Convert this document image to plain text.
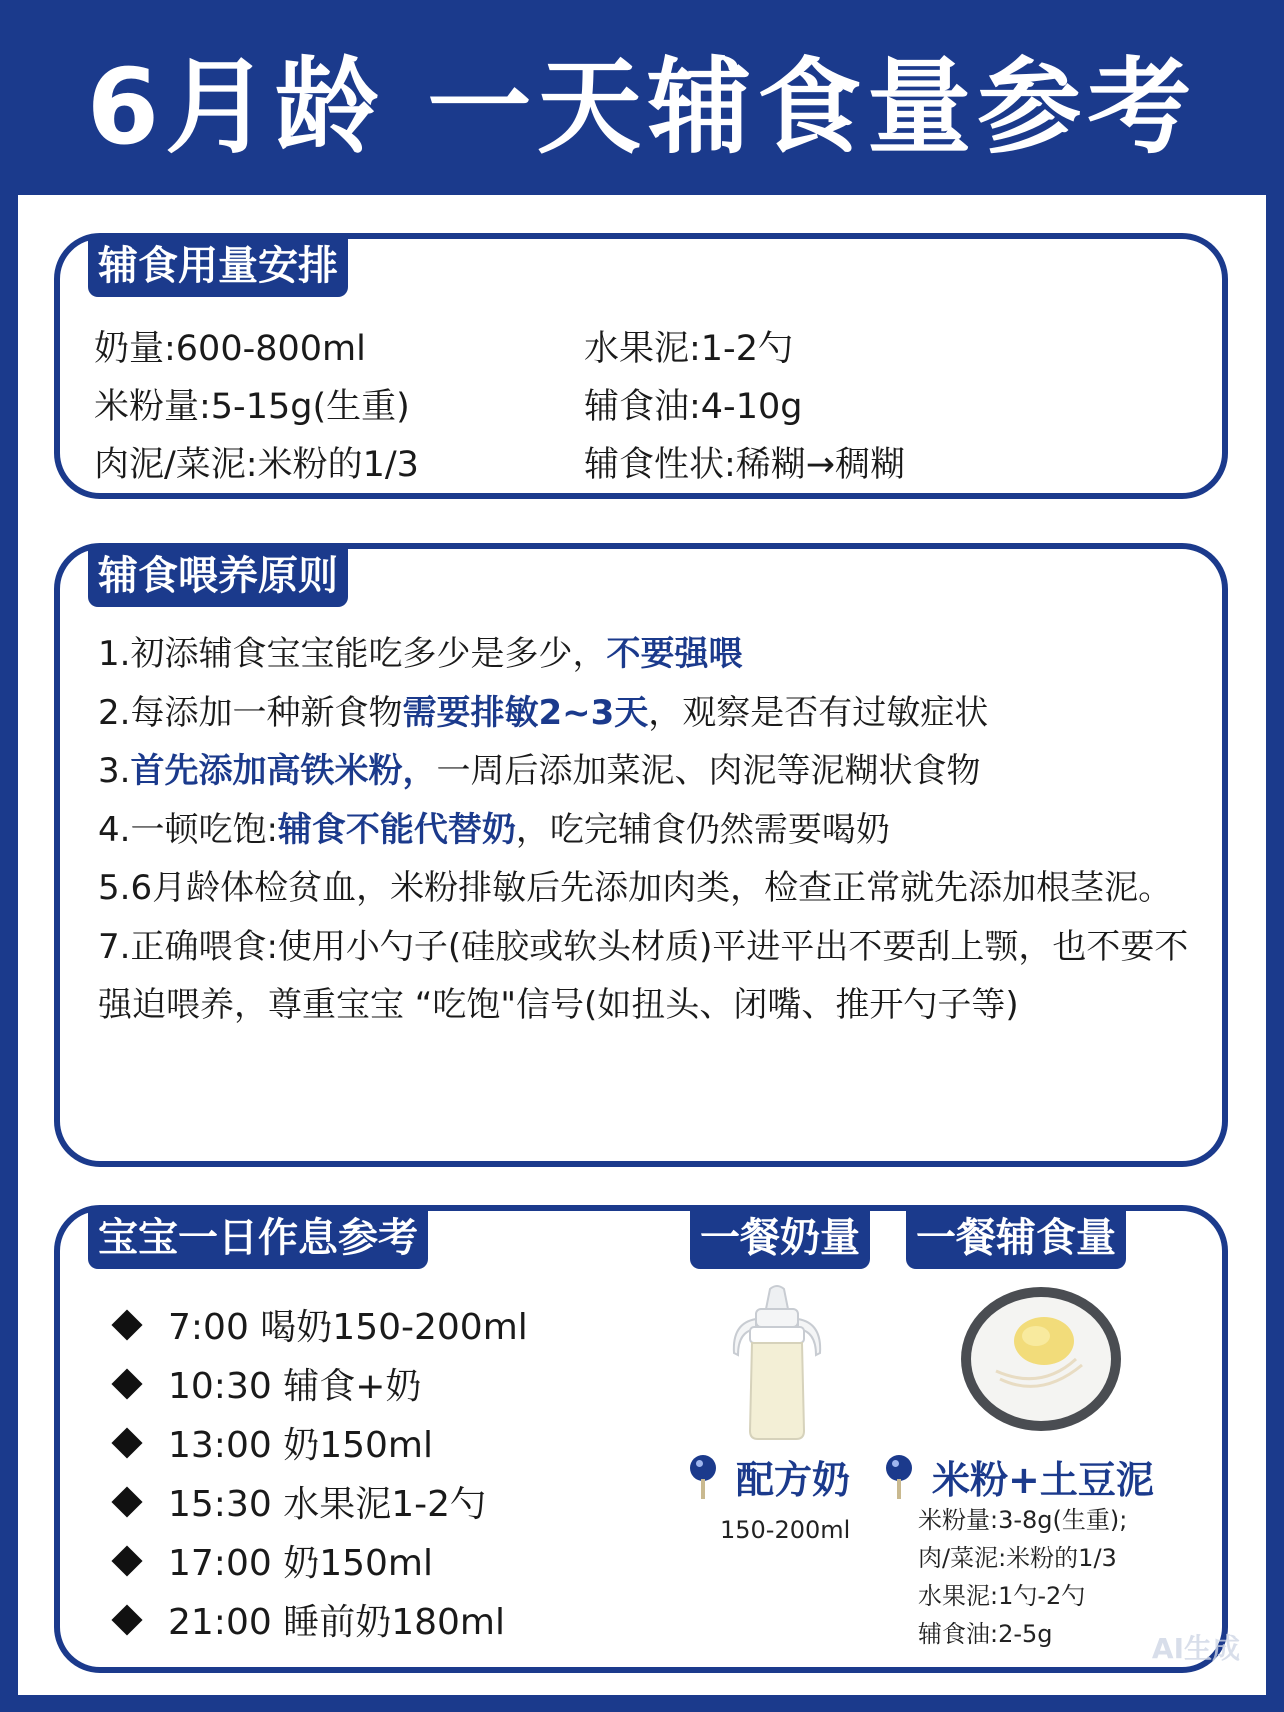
6月龄 一天辅食量参考
辅食用量安排
奶量:600-800ml	水果泥:1-2勺
米粉量:5-15g(生重)	辅食油:4-10g
肉泥/菜泥:米粉的1/3	辅食性状:稀糊→稠糊
辅食喂养原则

1.初添辅食宝宝能吃多少是多少，不要强喂

2.每添加一种新食物需要排敏2~3天，观察是否有过敏症状

3.首先添加高铁米粉，一周后添加菜泥、肉泥等泥糊状食物

4.一顿吃饱:辅食不能代替奶，吃完辅食仍然需要喝奶

5.6月龄体检贫血，米粉排敏后先添加肉类，检查正常就先添加根茎泥。

7.正确喂食:使用小勺子(硅胶或软头材质)平进平出不要刮上颚，也不要不强迫喂养，尊重宝宝 “吃饱"信号(如扭头、闭嘴、推开勺子等)

宝宝一日作息参考	一餐奶量 一餐辅食量
7:00 喝奶150-200ml
10:30 辅食+奶
13:00 奶150ml
15:30 水果泥1-2勺
17:00 奶150ml
21:00 睡前奶180ml
配方奶
150-200ml
米粉+土豆泥
米粉量:3-8g(生重);
肉/菜泥:米粉的1/3
水果泥:1勺-2勺
辅食油:2-5g	AI生成
